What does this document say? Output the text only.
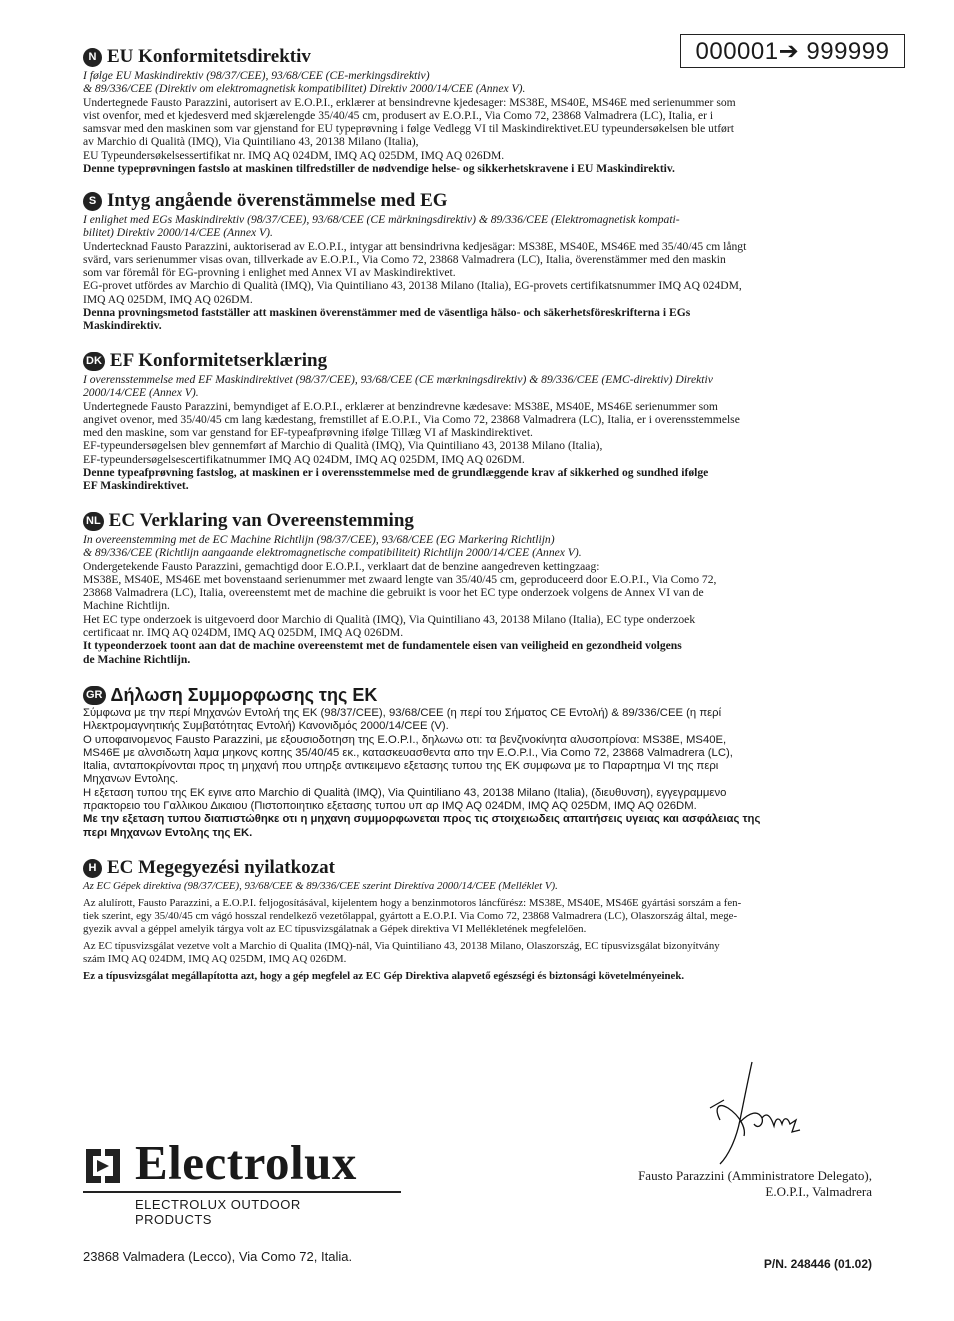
000001➔ 999999
N EU Konformitetsdirektiv
I følge EU Maskindirektiv (98/37/CEE), 93/68/CEE (CE-merkingsdirektiv)
& 89/336/CEE (Direktiv om elektromagnetisk kompatibilitet) Direktiv 2000/14/CEE (Annex V).
Undertegnede Fausto Parazzini, autorisert av E.O.P.I., erklærer at bensindrevne kjedesager: MS38E, MS40E, MS46E med serienummer som
vist ovenfor, med et kjedesverd med skjærelengde 35/40/45 cm, produsert av E.O.P.I., Via Como 72, 23868 Valmadrera (LC), Italia, er i
samsvar med den maskinen som var gjenstand for EU typeprøvning i følge Vedlegg VI til Maskindirektivet.EU typeundersøkelsen ble utført
av Marchio di Qualità (IMQ), Via Quintiliano 43, 20138 Milano (Italia),
EU Typeundersøkelsessertifikat nr. IMQ AQ 024DM, IMQ AQ 025DM, IMQ AQ 026DM.
Denne typeprøvningen fastslo at maskinen tilfredstiller de nødvendige helse- og sikkerhetskravene i EU Maskindirektiv.
S Intyg angående överenstämmelse med EG
I enlighet med EGs Maskindirektiv (98/37/CEE), 93/68/CEE (CE märkningsdirektiv) & 89/336/CEE (Elektromagnetisk kompati-
bilitet) Direktiv 2000/14/CEE (Annex V).
Undertecknad Fausto Parazzini, auktoriserad av E.O.P.I., intygar att bensindrivna kedjesägar: MS38E, MS40E, MS46E med 35/40/45 cm långt
svärd, vars serienummer visas ovan, tillverkade av E.O.P.I., Via Como 72, 23868 Valmadrera (LC), Italia, överenstämmer med den maskin
som var föremål för EG-provning i enlighet med Annex VI av Maskindirektivet.
EG-provet utfördes av Marchio di Qualità (IMQ), Via Quintiliano 43, 20138 Milano (Italia), EG-provets certifikatsnummer IMQ AQ 024DM,
IMQ AQ 025DM, IMQ AQ 026DM.
Denna provningsmetod fastställer att maskinen överenstämmer med de väsentliga hälso- och säkerhetsföreskrifterna i EGs
Maskindirektiv.
DK EF Konformitetserklæring
I overensstemmelse med EF Maskindirektivet (98/37/CEE), 93/68/CEE (CE mærkningsdirektiv) & 89/336/CEE (EMC-direktiv) Direktiv
2000/14/CEE (Annex V).
Undertegnede Fausto Parazzini, bemyndiget af E.O.P.I., erklærer at benzindrevne kædesave: MS38E, MS40E, MS46E serienummer som
angivet ovenor, med 35/40/45 cm lang kædestang, fremstillet af E.O.P.I., Via Como 72, 23868 Valmadrera (LC), Italia, er i overensstemmelse
med den maskine, som var genstand for EF-typeafprøvning ifølge Tillæg VI af Maskindirektivet.
EF-typeundersøgelsen blev gennemført af Marchio di Qualità (IMQ), Via Quintiliano 43, 20138 Milano (Italia),
EF-typeundersøgelsescertifikatnummer IMQ AQ 024DM, IMQ AQ 025DM, IMQ AQ 026DM.
Denne typeafprøvning fastslog, at maskinen er i overensstemmelse med de grundlæggende krav af sikkerhed og sundhed ifølge
EF Maskindirektivet.
NL EC Verklaring van Overeenstemming
In overeenstemming met de EC Machine Richtlijn (98/37/CEE), 93/68/CEE (EG Markering Richtlijn)
& 89/336/CEE (Richtlijn aangaande elektromagnetische compatibiliteit) Richtlijn 2000/14/CEE (Annex V).
Ondergetekende Fausto Parazzini, gemachtigd door E.O.P.I., verklaart dat de benzine aangedreven kettingzaag:
MS38E, MS40E, MS46E met bovenstaand serienummer met zwaard lengte van 35/40/45 cm, geproduceerd door E.O.P.I., Via Como 72,
23868 Valmadrera (LC), Italia, overeenstemt met de machine die gebruikt is voor het EC type onderzoek volgens de Annex VI van de
Machine Richtlijn.
Het EC type onderzoek is uitgevoerd door Marchio di Qualità (IMQ), Via Quintiliano 43, 20138 Milano (Italia), EC type onderzoek
certificaat nr. IMQ AQ 024DM, IMQ AQ 025DM, IMQ AQ 026DM.
It typeonderzoek toont aan dat de machine overeenstemt met de fundamentele eisen van veiligheid en gezondheid volgens
de Machine Richtlijn.
GR Δήλωση Συμμορφωσης της ΕΚ
Σύμφωνα με την περί Μηχανών Εντολή της ΕΚ (98/37/CEE), 93/68/CEE (η περί του Σήματος CE Εντολή) & 89/336/CEE (η περί
Ηλεκτρομαγνητικής Συμβατότητας Εντολή) Κανονιδμός 2000/14/CEE (V).
Ο υποφαινομενος Fausto Parazzini, με εξουσιοδοτηση της E.O.P.I., δηλωνω οτι: τα βενζινοκίνητα αλυσοπρίονα: MS38E, MS40E,
MS46E με αλνσιδωτη λαμα μηκονς κοπης 35/40/45 εκ., κατασκευασθεντα απο την E.O.P.I., Via Como 72, 23868 Valmadrera (LC),
Italia, ανταποκρίνονται προς τη μηχανή που υπηρξε αντικειμενο εξετασης τυπου της ΕΚ συμφωνα με το Παραρτημα VI της περι
Μηχανων Εντολης.
Η εξεταση τυπου της ΕΚ εγινε απο Marchio di Qualità (IMQ), Via Quintiliano 43, 20138 Milano (Italia), (διευθυνση), εγγεγραμμενο
πρακτορειο του Γαλλικου Δικαιου (Πιστοποιητικο εξετασης τυπου υπ αρ IMQ AQ 024DM, IMQ AQ 025DM, IMQ AQ 026DM.
Με την εξεταση τυπου διαπιστώθηκε οτι η μηχανη συμμορφωνεται προς τις στοιχειωδεις απαιτήσεις υγειας και ασφάλειας της
περι Μηχανων Εντολης της ΕΚ.
H EC Megegyezési nyilatkozat
Az EC Gépek direktiva (98/37/CEE), 93/68/CEE & 89/336/CEE szerint Direktíva 2000/14/CEE (Melléklet V).
Az alulírott, Fausto Parazzini, a E.O.P.I. feljogosításával, kijelentem hogy a benzinmotoros láncfűrész: MS38E, MS40E, MS46E gyártási sorszám a fen-
tiek szerint, egy 35/40/45 cm vágó hosszal rendelkező vezetőlappal, gyártott a E.O.P.I. Via Como 72, 23868 Valmadrera (LC), Olaszország által, mege-
gyezik avval a géppel amelyik tárgya volt az EC típusvizsgálatnak a Gépek direktiva VI Mellékletének megfelelően.
Az EC típusvizsgálat vezetve volt a Marchio di Qualita (IMQ)-nál, Via Quintiliano 43, 20138 Milano, Olaszország, EC típusvizsgálat bizonyítvány
szám IMQ AQ 024DM, IMQ AQ 025DM, IMQ AQ 026DM.
Ez a típusvizsgálat megállapította azt, hogy a gép megfelel az EC Gép Direktiva alapvető egészségi és biztonsági követelményeinek.
Fausto Parazzini (Amministratore Delegato),
E.O.P.I., Valmadrera
Electrolux
ELECTROLUX OUTDOOR
PRODUCTS
23868 Valmadera (Lecco), Via Como 72, Italia.	P/N. 248446 (01.02)
